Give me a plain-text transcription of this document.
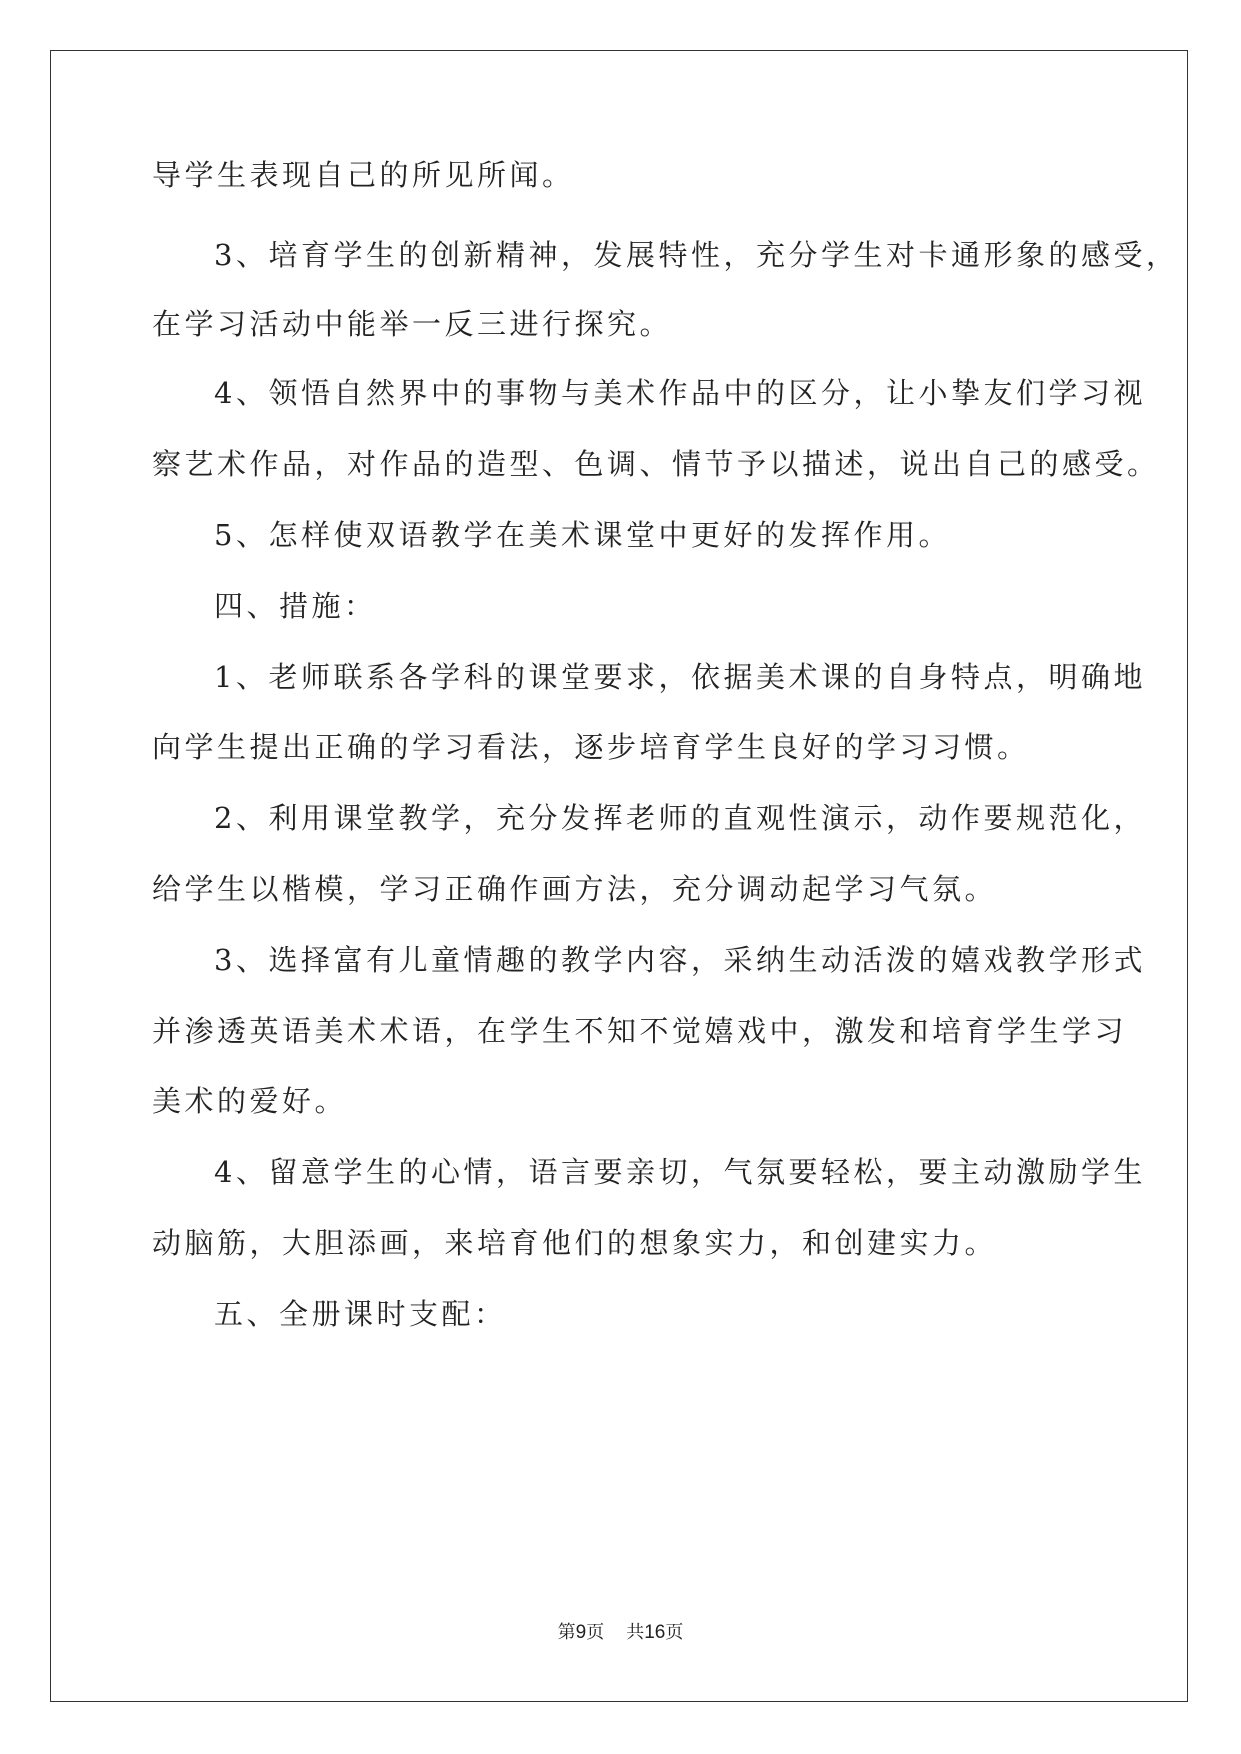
导学生表现自己的所见所闻。
3、培育学生的创新精神，发展特性，充分学生对卡通形象的感受，
在学习活动中能举一反三进行探究。
4、领悟自然界中的事物与美术作品中的区分，让小挚友们学习视
察艺术作品，对作品的造型、色调、情节予以描述，说出自己的感受。
5、怎样使双语教学在美术课堂中更好的发挥作用。
四、措施：
1、老师联系各学科的课堂要求，依据美术课的自身特点，明确地
向学生提出正确的学习看法，逐步培育学生良好的学习习惯。
2、利用课堂教学，充分发挥老师的直观性演示，动作要规范化，
给学生以楷模，学习正确作画方法，充分调动起学习气氛。
3、选择富有儿童情趣的教学内容，采纳生动活泼的嬉戏教学形式
并渗透英语美术术语，在学生不知不觉嬉戏中，激发和培育学生学习
美术的爱好。
4、留意学生的心情，语言要亲切，气氛要轻松，要主动激励学生
动脑筋，大胆添画，来培育他们的想象实力，和创建实力。
五、全册课时支配：
第9页 共16页
